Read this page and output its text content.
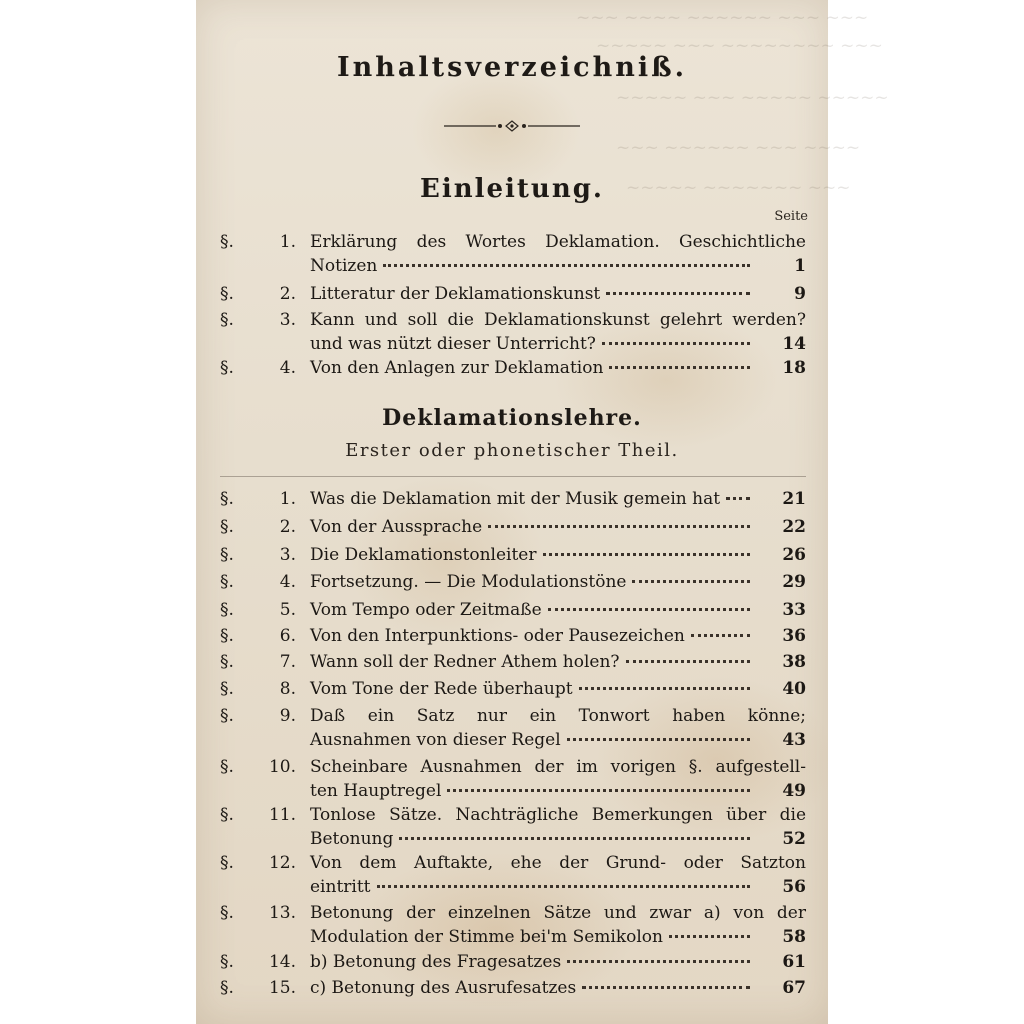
~~~ ~~~~ ~~~~~~ ~~~ ~~~
~~~~~ ~~~ ~~~~~~~~ ~~~
~~~~~ ~~~ ~~~~~ ~~~~~
~~~ ~~~~~~ ~~~ ~~~~
~~~~~ ~~~~~~~ ~~~
Inhaltsverzeichniß.
Einleitung.
Seite
§.	1. Erklärung des Wortes Deklamation. Geschichtliche
Notizen	1
§.	2. Litteratur der Deklamationskunst	9
§.	3. Kann und soll die Deklamationskunst gelehrt werden?
und was nützt dieser Unterricht?	14
§.	4. Von den Anlagen zur Deklamation	18
Deklamationslehre.
Erster oder phonetischer Theil.
§.	1. Was die Deklamation mit der Musik gemein hat	21
§.	2. Von der Aussprache	22
§.	3. Die Deklamationstonleiter	26
§.	4. Fortsetzung. — Die Modulationstöne	29
§.	5. Vom Tempo oder Zeitmaße	33
§.	6. Von den Interpunktions- oder Pausezeichen	36
§.	7. Wann soll der Redner Athem holen?	38
§.	8. Vom Tone der Rede überhaupt	40
§.	9. Daß ein Satz nur ein Tonwort haben könne;
Ausnahmen von dieser Regel	43
§.	10. Scheinbare Ausnahmen der im vorigen §. aufgestell-
ten Hauptregel	49
§.	11. Tonlose Sätze. Nachträgliche Bemerkungen über die
Betonung	52
§.	12. Von dem Auftakte, ehe der Grund- oder Satzton
eintritt	56
§.	13. Betonung der einzelnen Sätze und zwar a) von der
Modulation der Stimme bei'm Semikolon	58
§.	14. b) Betonung des Fragesatzes	61
§.	15. c) Betonung des Ausrufesatzes	67
